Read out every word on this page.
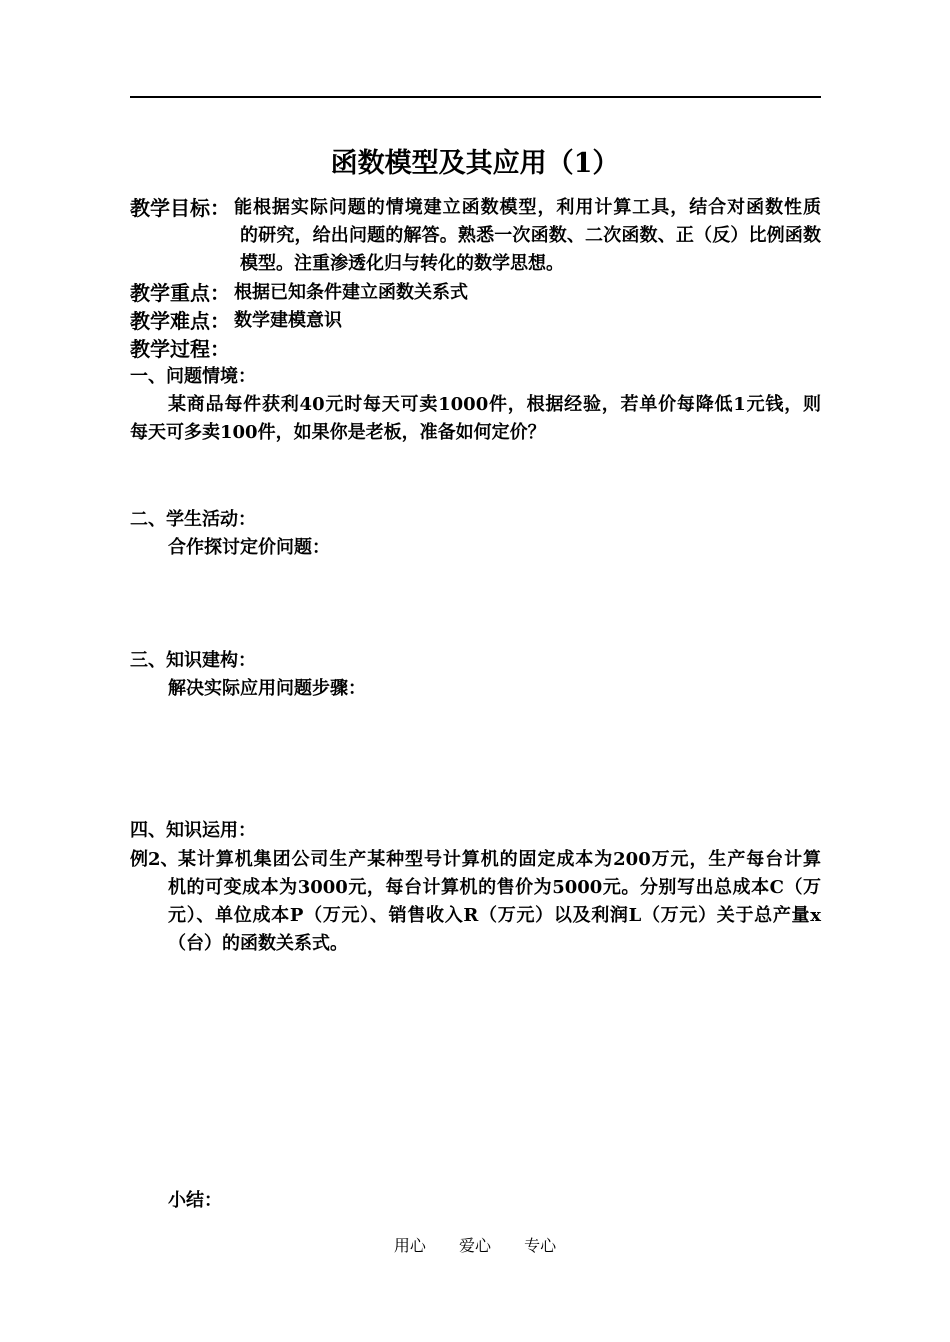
函数模型及其应用（1）
教学目标： 能根据实际问题的情境建立函数模型，利用计算工具，结合对函数性质
的研究，给出问题的解答。熟悉一次函数、二次函数、正（反）比例函数
模型。注重渗透化归与转化的数学思想。
教学重点： 根据已知条件建立函数关系式
教学难点： 数学建模意识
教学过程：
一、问题情境：
某商品每件获利40元时每天可卖1000件，根据经验，若单价每降低1元钱，则
每天可多卖100件，如果你是老板，准备如何定价？
二、学生活动：
合作探讨定价问题：
三、知识建构：
解决实际应用问题步骤：
四、知识运用：
例2、 某计算机集团公司生产某种型号计算机的固定成本为200万元，生产每台计算
机的可变成本为3000元，每台计算机的售价为5000元。分别写出总成本C（万
元）、单位成本P（万元）、销售收入R（万元）以及利润L（万元）关于总产量x
（台）的函数关系式。
小结：
用心 爱心 专心
